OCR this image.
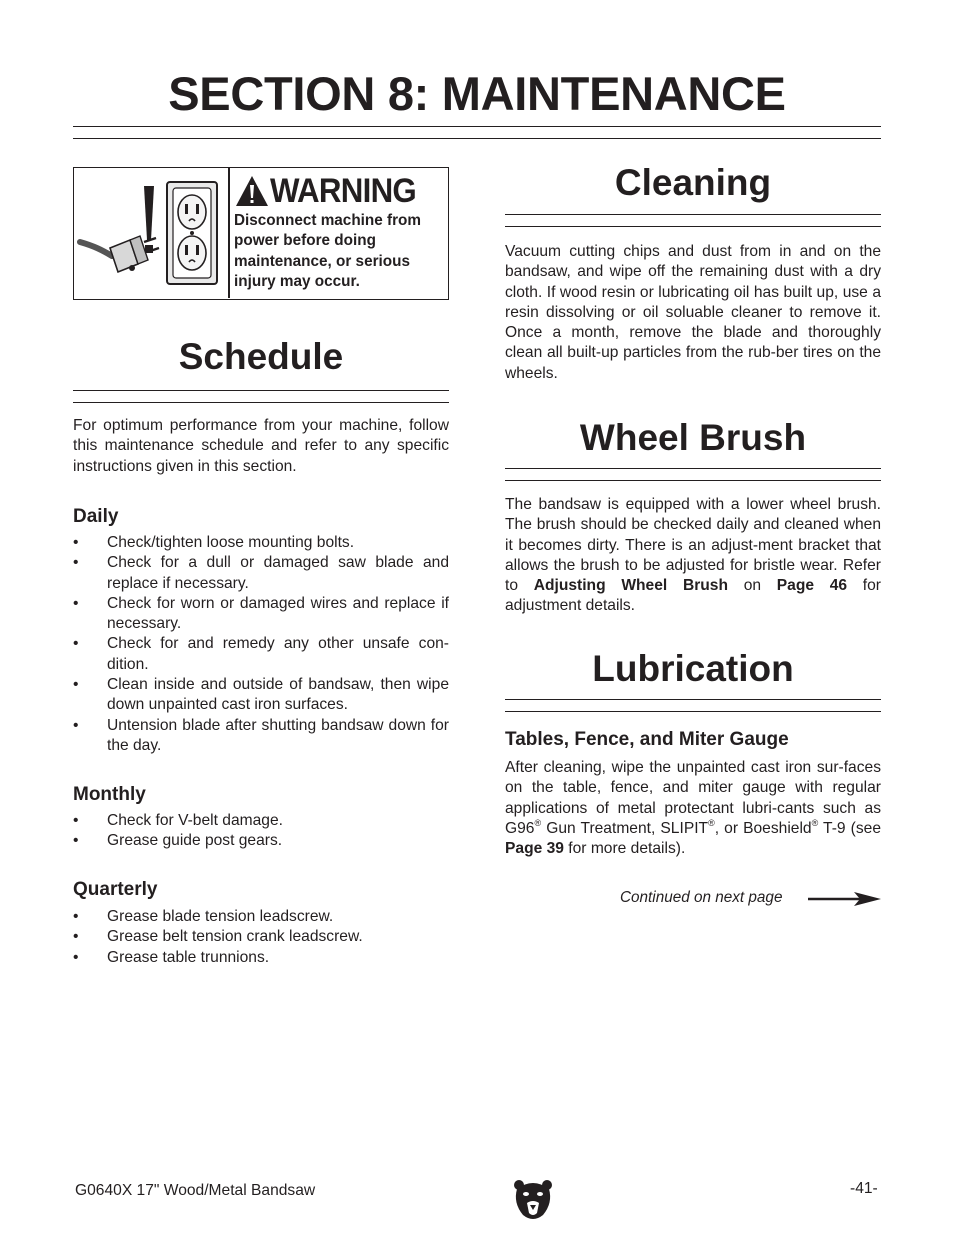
SECTION 8: MAINTENANCE
WARNING
Disconnect machine from power before doing maintenance, or serious injury may occur.
Schedule
For optimum performance from your machine, follow this maintenance schedule and refer to any specific instructions given in this section.
Daily
• Check/tighten loose mounting bolts.
• Check for a dull or damaged saw blade and replace if necessary.
• Check for worn or damaged wires and replace if necessary.
• Check for and remedy any other unsafe con-dition.
• Clean inside and outside of bandsaw, then wipe down unpainted cast iron surfaces.
• Untension blade after shutting bandsaw down for the day.
Monthly
• Check for V-belt damage.
• Grease guide post gears.
Quarterly
• Grease blade tension leadscrew.
• Grease belt tension crank leadscrew.
• Grease table trunnions.
Cleaning
Vacuum cutting chips and dust from in and on the bandsaw, and wipe off the remaining dust with a dry cloth. If wood resin or lubricating oil has built up, use a resin dissolving or oil soluable cleaner to remove it. Once a month, remove the blade and thoroughly clean all built-up particles from the rub-ber tires on the wheels.
Wheel Brush
The bandsaw is equipped with a lower wheel brush. The brush should be checked daily and cleaned when it becomes dirty. There is an adjust-ment bracket that allows the brush to be adjusted for bristle wear. Refer to Adjusting Wheel Brush on Page 46 for adjustment details.
Lubrication
Tables, Fence, and Miter Gauge
After cleaning, wipe the unpainted cast iron sur-faces on the table, fence, and miter gauge with regular applications of metal protectant lubri-cants such as G96® Gun Treatment, SLIPIT®, or Boeshield® T-9 (see Page 39 for more details).
Continued on next page
G0640X 17" Wood/Metal Bandsaw	-41-
